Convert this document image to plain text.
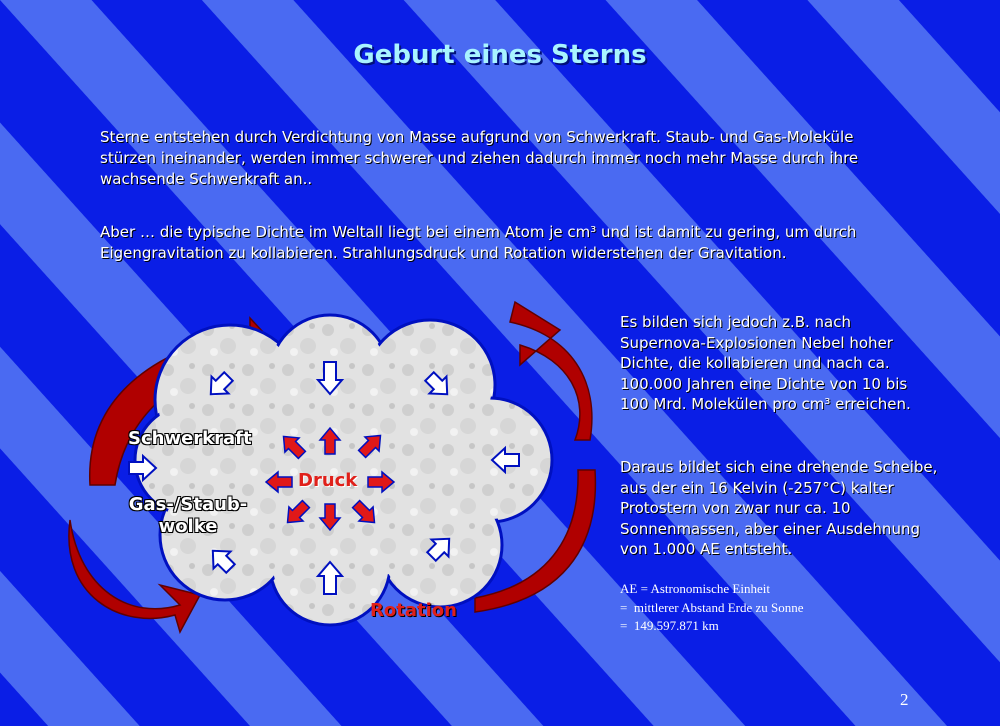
Geburt eines Sterns
Sterne entstehen durch Verdichtung von Masse aufgrund von Schwerkraft. Staub- und Gas-Moleküle stürzen ineinander, werden immer schwerer und ziehen dadurch immer noch mehr Masse durch ihre wachsende Schwerkraft an..
Aber … die typische Dichte im Weltall liegt bei einem Atom je cm³ und ist damit zu gering, um durch Eigengravitation zu kollabieren. Strahlungsdruck und Rotation widerstehen der Gravitation.
Es bilden sich jedoch z.B. nach Supernova-Explosionen Nebel hoher Dichte, die kollabieren und nach ca. 100.000 Jahren eine Dichte von 10 bis 100 Mrd. Molekülen pro cm³ erreichen.
Daraus bildet sich eine drehende Scheibe, aus der ein 16 Kelvin (-257°C) kalter Protostern von zwar nur ca. 10 Sonnenmassen, aber einer Ausdehnung von 1.000 AE entsteht.
AE = Astronomische Einheit
=  mittlerer Abstand Erde zu Sonne
=  149.597.871 km
Schwerkraft
Gas-/Staub-
wolke
Druck
Rotation
2
